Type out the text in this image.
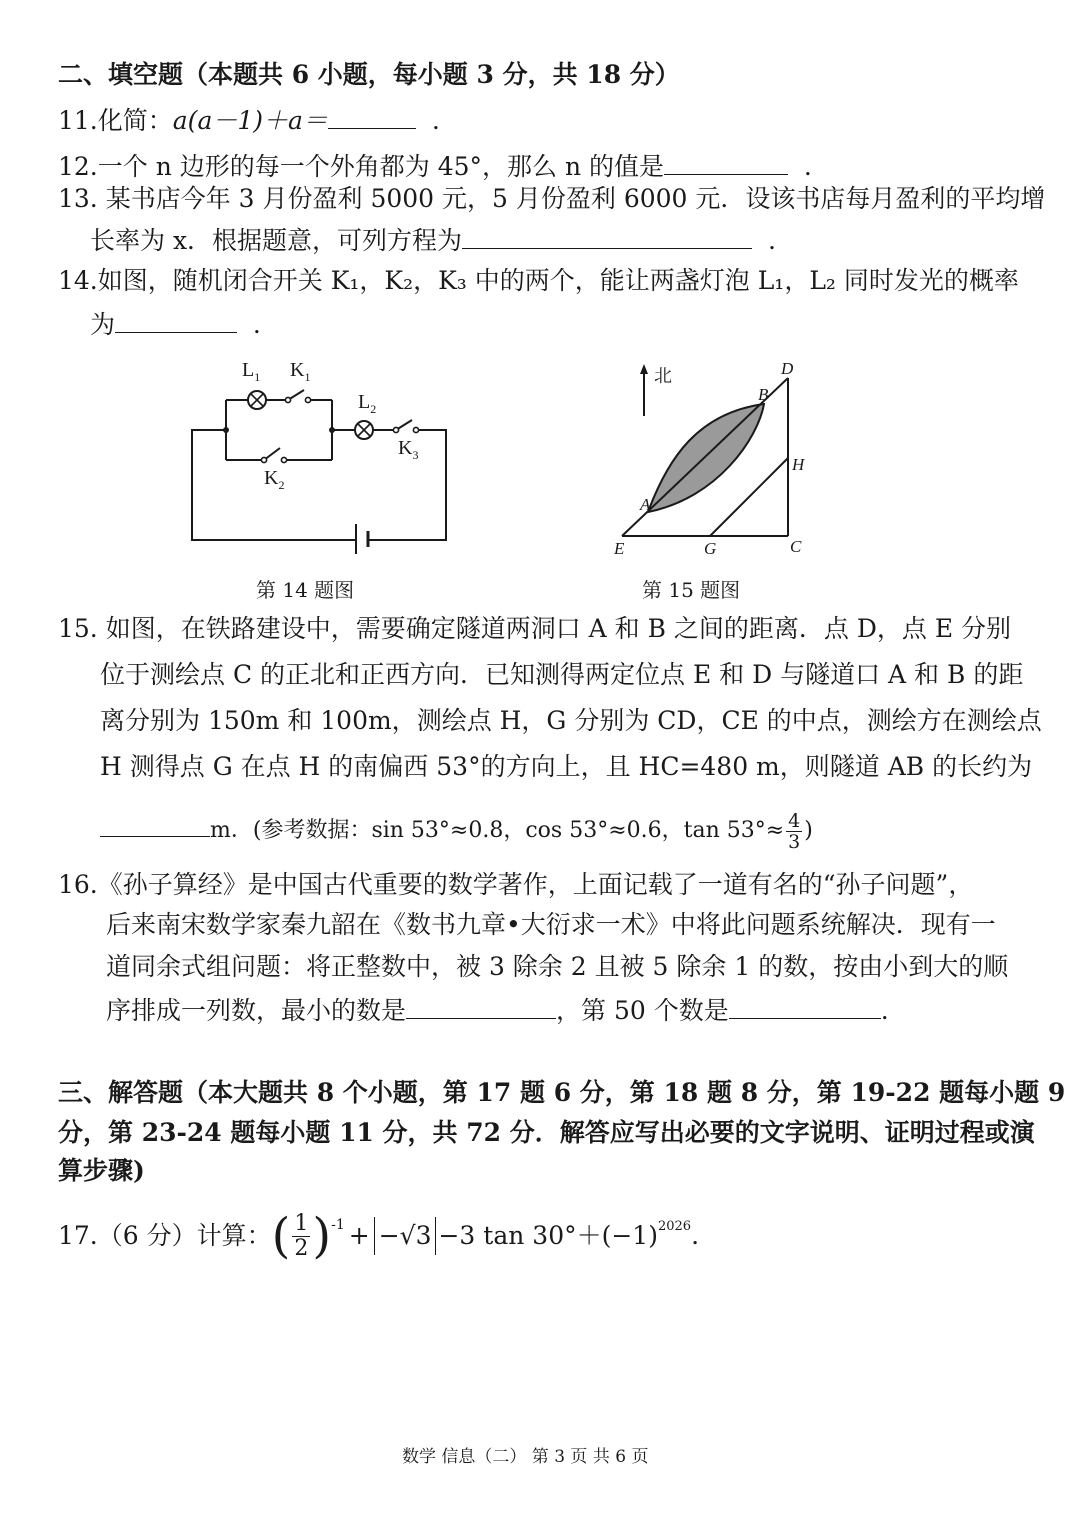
二、填空题（本题共 6 小题，每小题 3 分，共 18 分）
11.化简：a(a－1)＋a＝	.
12.一个 n 边形的每一个外角都为 45°，那么 n 的值是	.
13. 某书店今年 3 月份盈利 5000 元，5 月份盈利 6000 元．设该书店每月盈利的平均增
长率为 x．根据题意，可列方程为	.
14.如图，随机闭合开关 K₁，K₂，K₃ 中的两个，能让两盏灯泡 L₁，L₂ 同时发光的概率
为	.
$L_1$ $K_1$
$L_2$
$K_3$
$K_2$
第 14 题图
北	D
B
H
A
E	G	C
第 15 题图
15. 如图，在铁路建设中，需要确定隧道两洞口 A 和 B 之间的距离．点 D，点 E 分别
位于测绘点 C 的正北和正西方向．已知测得两定位点 E 和 D 与隧道口 A 和 B 的距
离分别为 150m 和 100m，测绘点 H，G 分别为 CD，CE 的中点，测绘方在测绘点
H 测得点 G 在点 H 的南偏西 53°的方向上，且 HC=480 m，则隧道 AB 的长约为
m．(参考数据：sin 53°≈0.8，cos 53°≈0.6，$\tan 53^\circ\approx \frac{4}{3}$ )
16.《孙子算经》是中国古代重要的数学著作，上面记载了一道有名的“孙子问题”，
后来南宋数学家秦九韶在《数书九章•大衍求一术》中将此问题系统解决．现有一
道同余式组问题：将正整数中，被 3 除余 2 且被 5 除余 1 的数，按由小到大的顺
序排成一列数，最小的数是	，第 50 个数是	.
三、解答题（本大题共 8 个小题，第 17 题 6 分，第 18 题 8 分，第 19-22 题每小题 9
分，第 23-24 题每小题 11 分，共 72 分．解答应写出必要的文字说明、证明过程或演
算步骤)
17.（6 分）计算： ( $\frac{1}{2}$ ) -1 + −√3 −3 tan 30°＋(−1) 2026 .
数学 信息（二） 第 3 页 共 6 页
